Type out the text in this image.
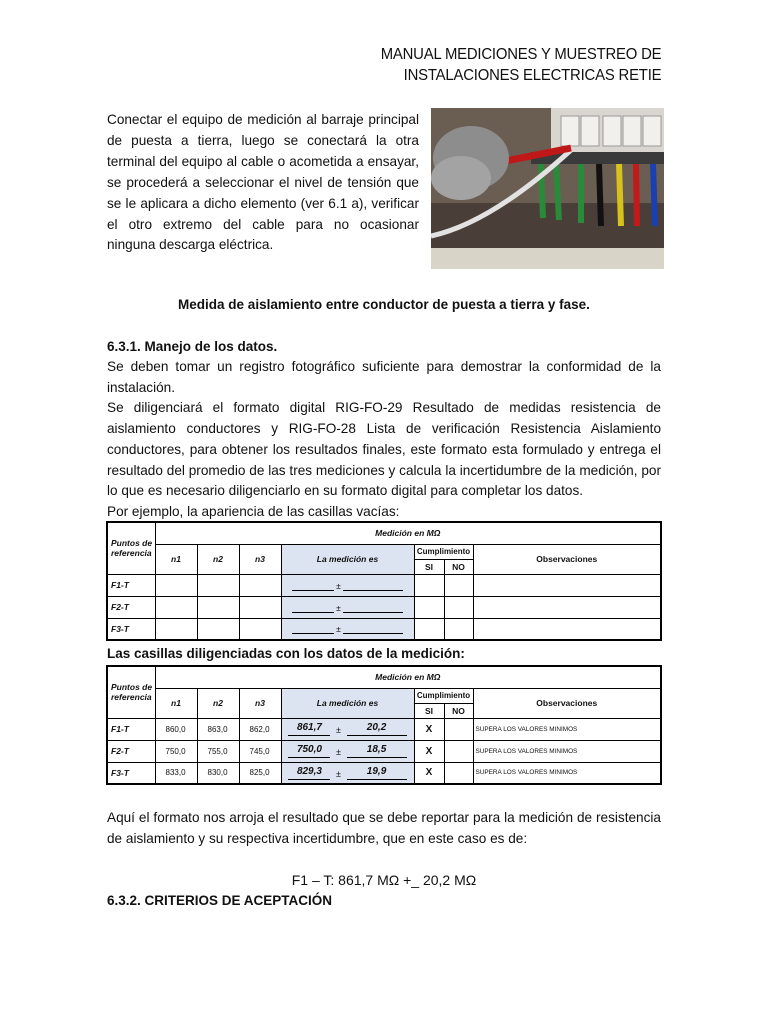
MANUAL MEDICIONES Y MUESTREO DE
INSTALACIONES ELECTRICAS RETIE
Conectar el equipo de medición al barraje principal de puesta a tierra, luego se conectará la otra terminal del equipo al cable o acometida a ensayar, se procederá a seleccionar el nivel de tensión que se le aplicara a dicho elemento (ver 6.1 a), verificar el otro extremo del cable para no ocasionar ninguna descarga eléctrica.
Medida de aislamiento entre conductor de puesta a tierra y fase.
6.3.1. Manejo de los datos.

Se deben tomar un registro fotográfico suficiente para demostrar la conformidad de la instalación.

Se diligenciará el formato digital RIG-FO-29 Resultado de medidas resistencia de aislamiento conductores y RIG-FO-28 Lista de verificación Resistencia Aislamiento conductores, para obtener los resultados finales, este formato esta formulado y entrega el resultado del promedio de las tres mediciones y calcula la incertidumbre de la medición, por lo que es necesario diligenciarlo en su formato digital para completar los datos.

Por ejemplo, la apariencia de las casillas vacías:

Puntos de referencia	Medición en MΩ						
	n1	n2	n3	La medición es	Cumplimiento		Observaciones
					SI	NO	
F1-T				±			
F2-T				±			
F3-T				±			
Las casillas diligenciadas con los datos de la medición:
Puntos de referencia	Medición en MΩ						
	n1	n2	n3	La medición es	Cumplimiento		Observaciones
					SI	NO	
F1-T	860,0	863,0	862,0	861,7 ± 20,2	X		SUPERA LOS VALORES MINIMOS
F2-T	750,0	755,0	745,0	750,0 ± 18,5	X		SUPERA LOS VALORES MINIMOS
F3-T	833,0	830,0	825,0	829,3 ± 19,9	X		SUPERA LOS VALORES MINIMOS
Aquí el formato nos arroja el resultado que se debe reportar para la medición de resistencia de aislamiento y su respectiva incertidumbre, que en este caso es de:
F1 – T: 861,7 MΩ +_ 20,2 MΩ
6.3.2. CRITERIOS DE ACEPTACIÓN
